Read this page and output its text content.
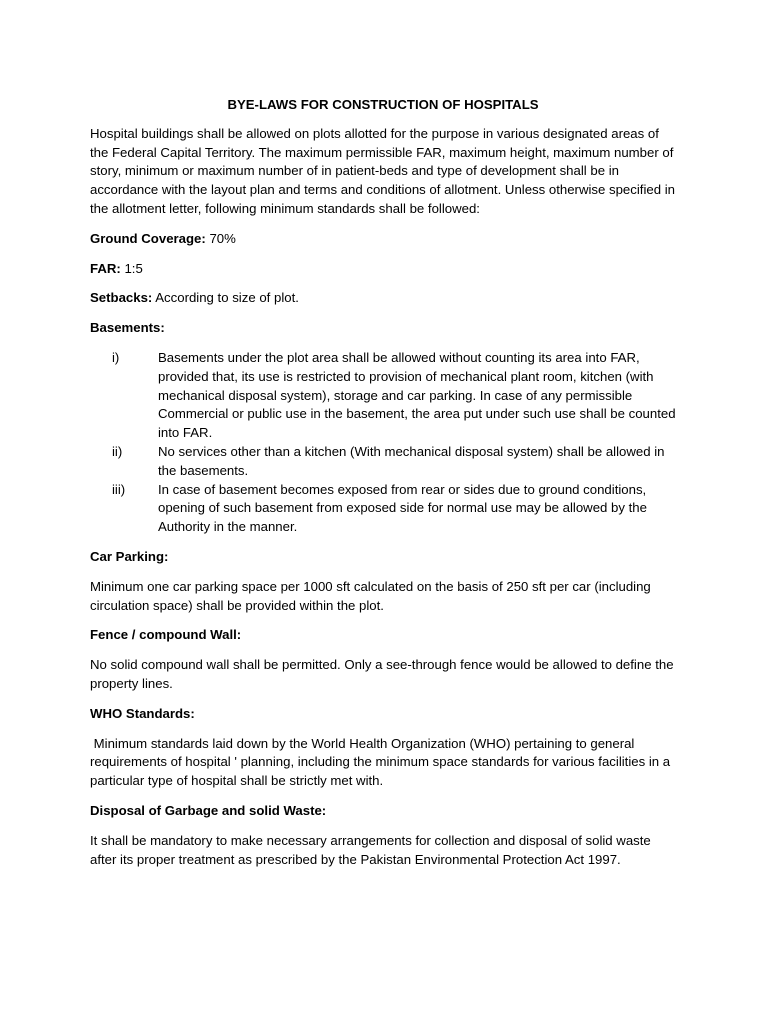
BYE-LAWS FOR CONSTRUCTION OF HOSPITALS

Hospital buildings shall be allowed on plots allotted for the purpose in various designated areas of the Federal Capital Territory. The maximum permissible FAR, maximum height, maximum number of story, minimum or maximum number of in patient-beds and type of development shall be in accordance with the layout plan and terms and conditions of allotment. Unless otherwise specified in the allotment letter, following minimum standards shall be followed:

Ground Coverage: 70%

FAR: 1:5

Setbacks: According to size of plot.

Basements:
i)	Basements under the plot area shall be allowed without counting its area into FAR, provided that, its use is restricted to provision of mechanical plant room, kitchen (with mechanical disposal system), storage and car parking. In case of any permissible Commercial or public use in the basement, the area put under such use shall be counted into FAR.
ii)	No services other than a kitchen (With mechanical disposal system) shall be allowed in the basements.
iii)	In case of basement becomes exposed from rear or sides due to ground conditions, opening of such basement from exposed side for normal use may be allowed by the Authority in the manner.
Car Parking:

Minimum one car parking space per 1000 sft calculated on the basis of 250 sft per car (including circulation space) shall be provided within the plot.

Fence / compound Wall:

No solid compound wall shall be permitted. Only a see-through fence would be allowed to define the property lines.

WHO Standards:

Minimum standards laid down by the World Health Organization (WHO) pertaining to general requirements of hospital ' planning, including the minimum space standards for various facilities in a particular type of hospital shall be strictly met with.

Disposal of Garbage and solid Waste:

It shall be mandatory to make necessary arrangements for collection and disposal of solid waste after its proper treatment as prescribed by the Pakistan Environmental Protection Act 1997.
